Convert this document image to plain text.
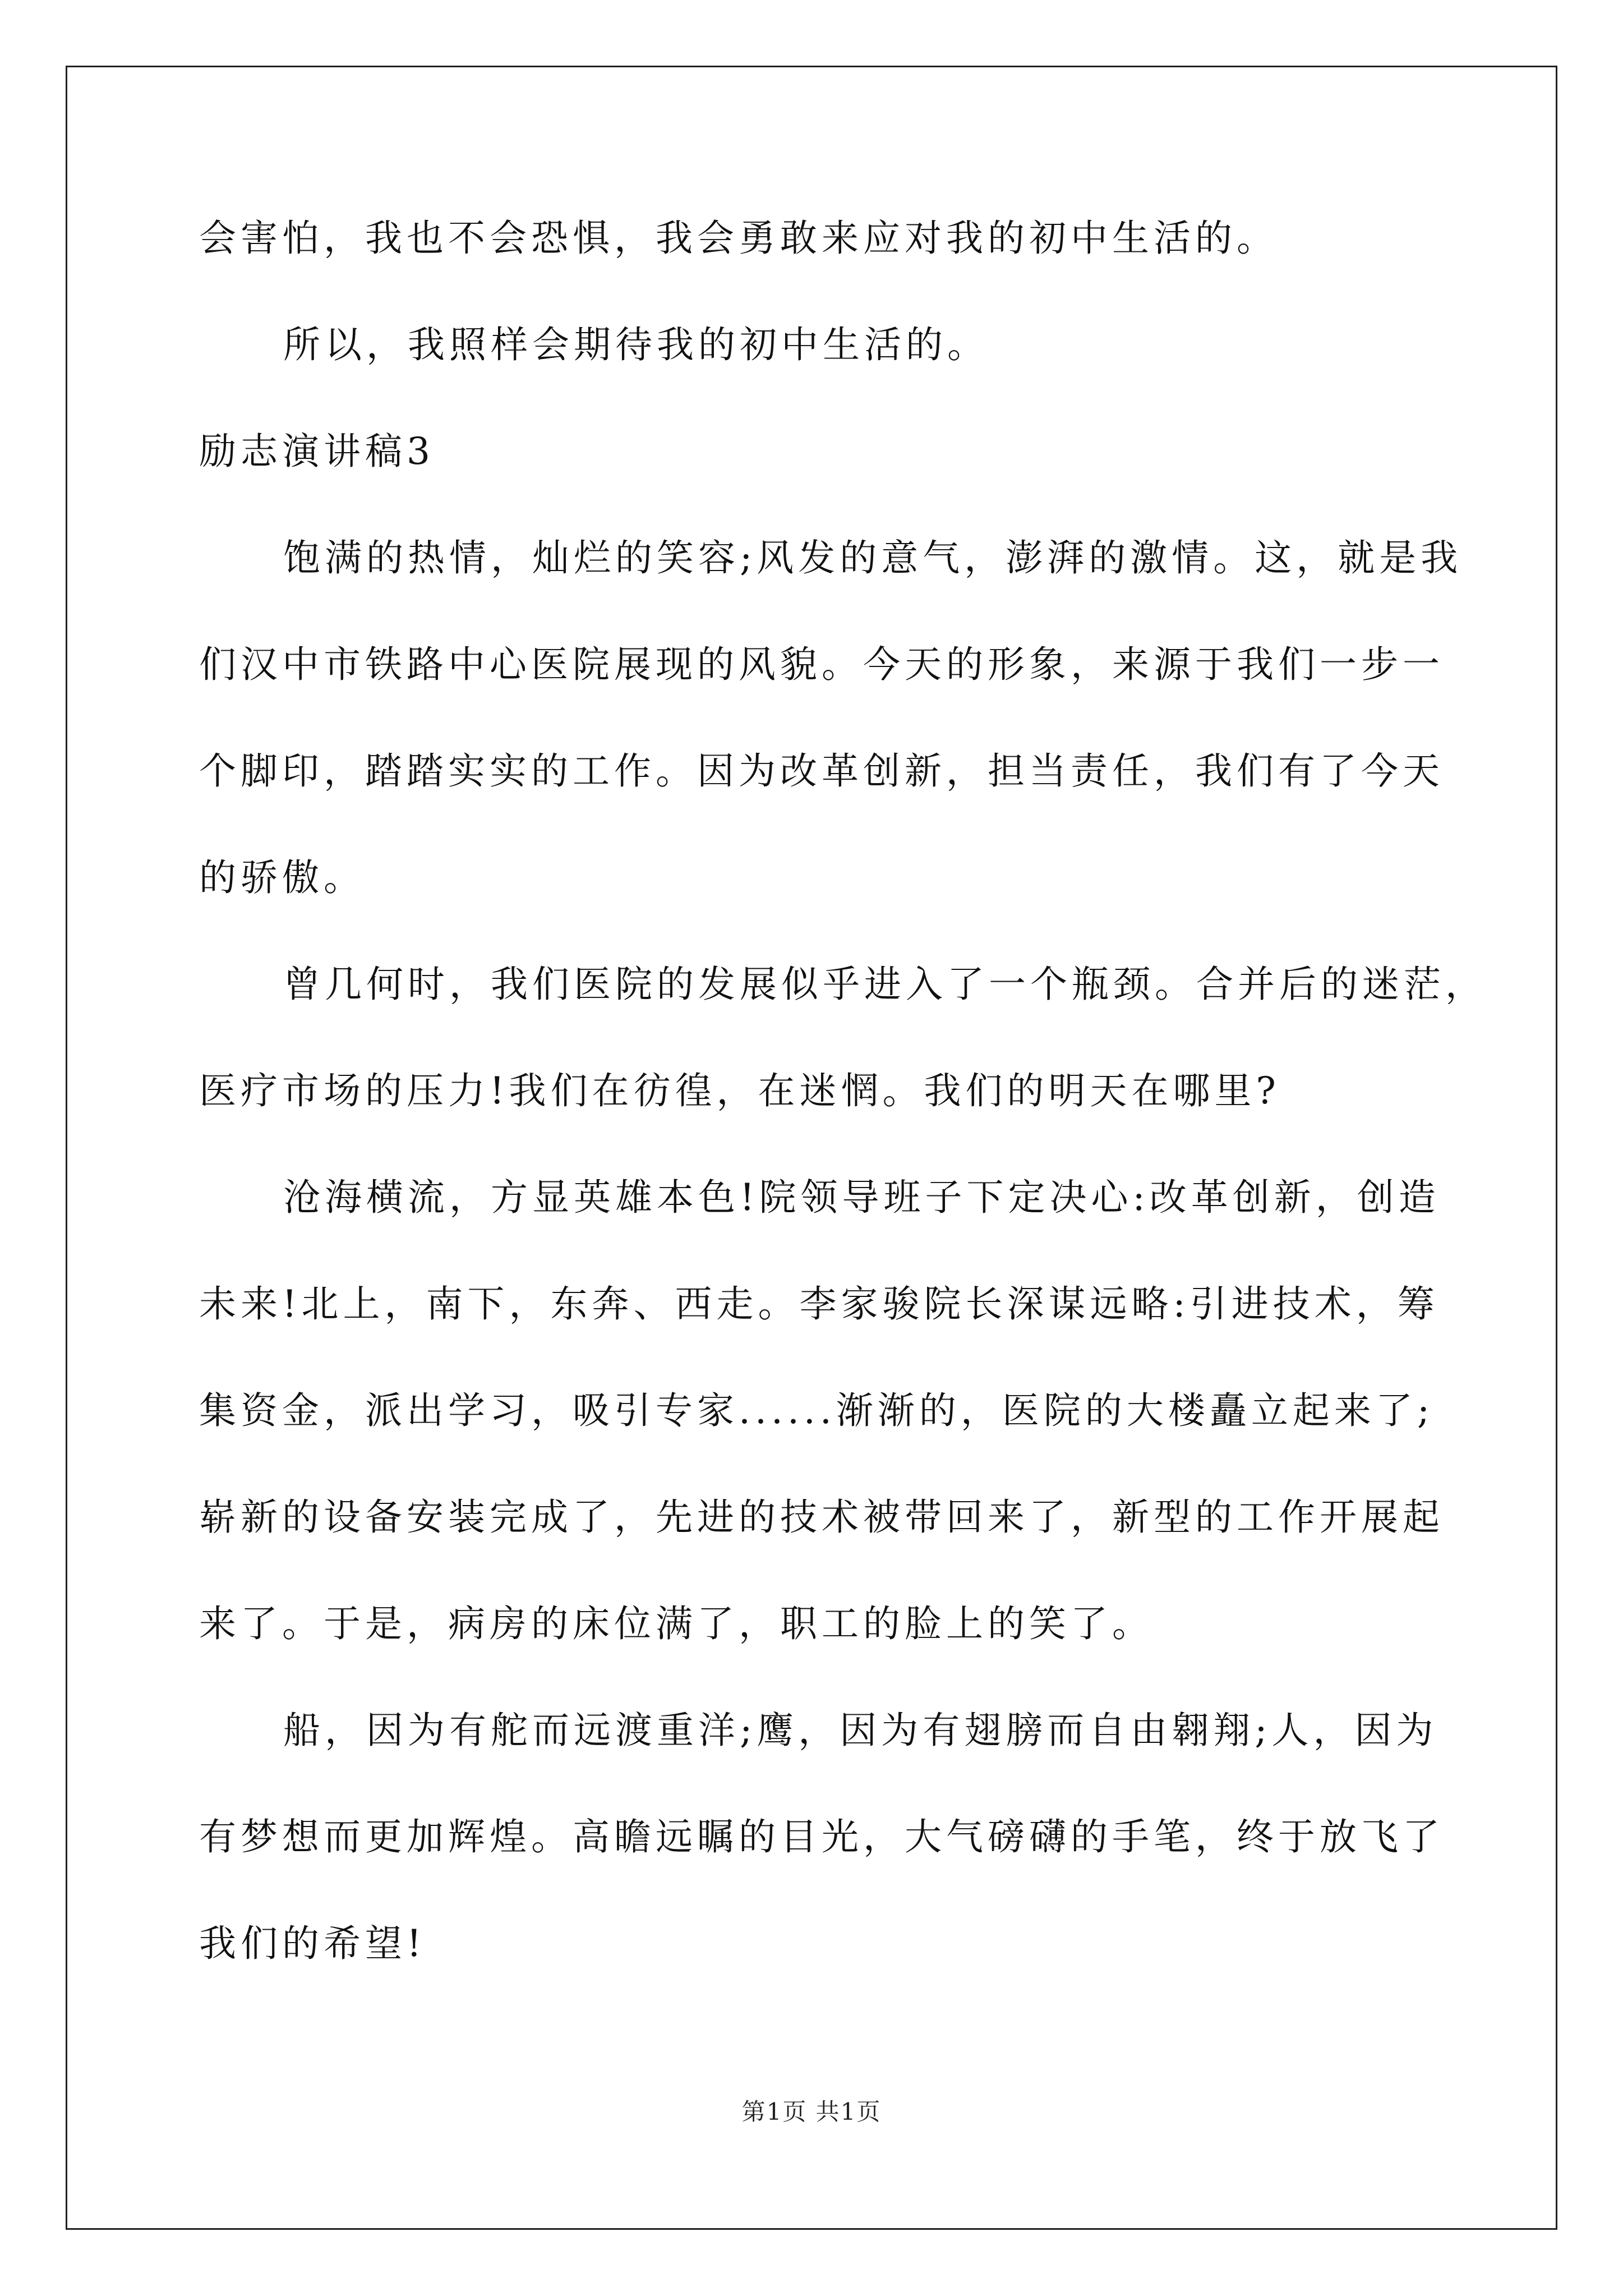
会害怕，我也不会恐惧，我会勇敢来应对我的初中生活的。
所以，我照样会期待我的初中生活的。
励志演讲稿3
饱满的热情，灿烂的笑容;风发的意气，澎湃的激情。这，就是我
们汉中市铁路中心医院展现的风貌。今天的形象，来源于我们一步一
个脚印，踏踏实实的工作。因为改革创新，担当责任，我们有了今天
的骄傲。
曾几何时，我们医院的发展似乎进入了一个瓶颈。合并后的迷茫，
医疗市场的压力!我们在彷徨，在迷惘。我们的明天在哪里?
沧海横流，方显英雄本色!院领导班子下定决心:改革创新，创造
未来!北上，南下，东奔、西走。李家骏院长深谋远略:引进技术，筹
集资金，派出学习，吸引专家......渐渐的，医院的大楼矗立起来了;
崭新的设备安装完成了，先进的技术被带回来了，新型的工作开展起
来了。于是，病房的床位满了，职工的脸上的笑了。
船，因为有舵而远渡重洋;鹰，因为有翅膀而自由翱翔;人，因为
有梦想而更加辉煌。高瞻远瞩的目光，大气磅礴的手笔，终于放飞了
我们的希望!
第1页 共1页
